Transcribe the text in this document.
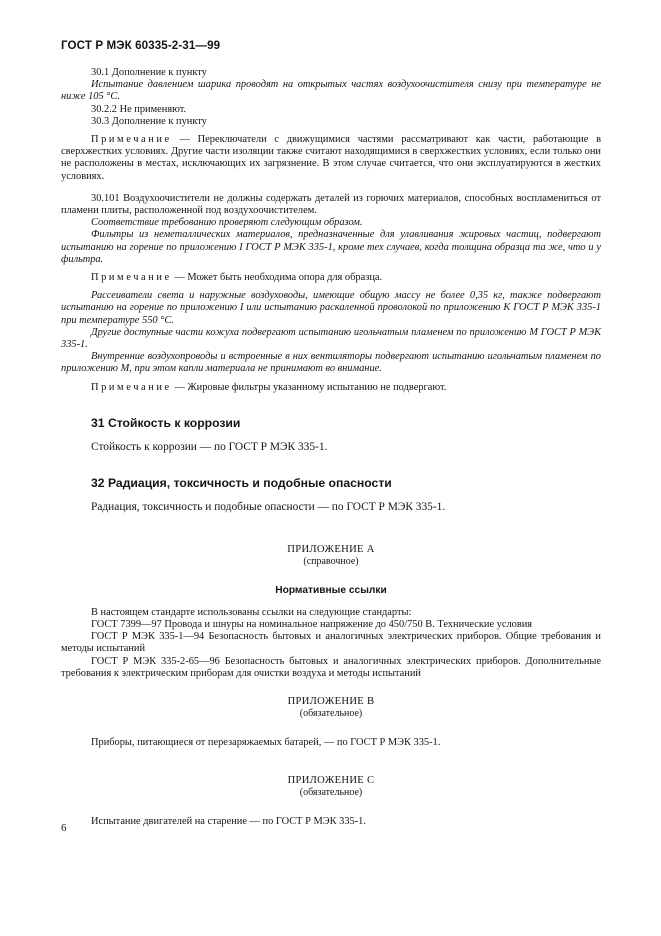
ГОСТ Р МЭК 60335-2-31—99

30.1 Дополнение к пункту

Испытание давлением шарика проводят на открытых частях воздухоочистителя снизу при температуре не ниже 105 °С.

30.2.2 Не применяют.

30.3 Дополнение к пункту

Примечание — Переключатели с движущимися частями рассматривают как части, работающие в сверхжестких условиях. Другие части изоляции также считают находящимися в сверхжестких условиях, если только они не расположены в местах, исключающих их загрязнение. В этом случае считается, что они эксплуатируются в жестких условиях.

30.101 Воздухоочистители не должны содержать деталей из горючих материалов, способных воспламениться от пламени плиты, расположенной под воздухоочистителем.

Соответствие требованию проверяют следующим образом.

Фильтры из неметаллических материалов, предназначенные для улавливания жировых частиц, подвергают испытанию на горение по приложению I ГОСТ Р МЭК 335-1, кроме тех случаев, когда толщина образца та же, что и у фильтра.

Примечание — Может быть необходима опора для образца.

Рассеиватели света и наружные воздуховоды, имеющие общую массу не более 0,35 кг, также подвергают испытанию на горение по приложению I или испытанию раскаленной проволокой по приложению К ГОСТ Р МЭК 335-1 при температуре 550 °С.

Другие доступные части кожуха подвергают испытанию игольчатым пламенем по приложению М ГОСТ Р МЭК 335-1.

Внутренние воздухопроводы и встроенные в них вентиляторы подвергают испытанию игольчатым пламенем по приложению М, при этом капли материала не принимают во внимание.

Примечание — Жировые фильтры указанному испытанию не подвергают.

31 Стойкость к коррозии

Стойкость к коррозии — по ГОСТ Р МЭК 335-1.

32 Радиация, токсичность и подобные опасности

Радиация, токсичность и подобные опасности — по ГОСТ Р МЭК 335-1.

ПРИЛОЖЕНИЕ А
(справочное)
Нормативные ссылки

В настоящем стандарте использованы ссылки на следующие стандарты:

ГОСТ 7399—97 Провода и шнуры на номинальное напряжение до 450/750 В. Технические условия

ГОСТ Р МЭК 335-1—94 Безопасность бытовых и аналогичных электрических приборов. Общие требования и методы испытаний

ГОСТ Р МЭК 335-2-65—96 Безопасность бытовых и аналогичных электрических приборов. Дополнительные требования к электрическим приборам для очистки воздуха и методы испытаний

ПРИЛОЖЕНИЕ В
(обязательное)

Приборы, питающиеся от перезаряжаемых батарей, — по ГОСТ Р МЭК 335-1.

ПРИЛОЖЕНИЕ С
(обязательное)

Испытание двигателей на старение — по ГОСТ Р МЭК 335-1.

6
